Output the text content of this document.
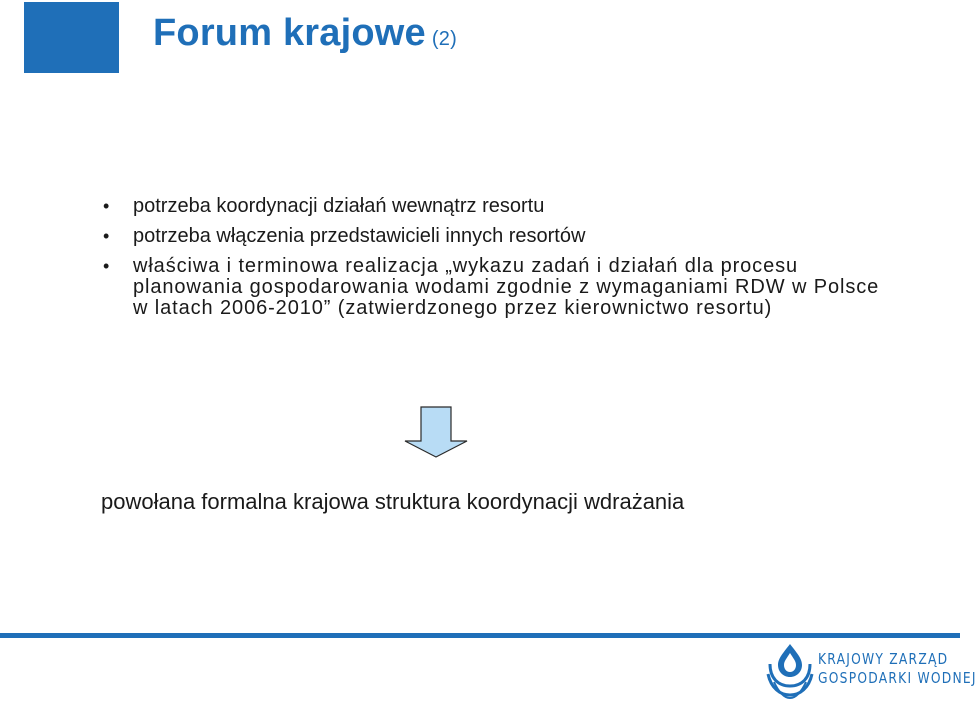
Forum krajowe (2)
• potrzeba koordynacji działań wewnątrz resortu
• potrzeba włączenia przedstawicieli innych resortów
• właściwa i terminowa realizacja „wykazu zadań i działań dla procesu planowania gospodarowania wodami zgodnie z wymaganiami RDW w Polsce w latach 2006-2010” (zatwierdzonego przez kierownictwo resortu)

powołana formalna krajowa struktura koordynacji wdrażania

KRAJOWY ZARZĄD
GOSPODARKI WODNEJ
